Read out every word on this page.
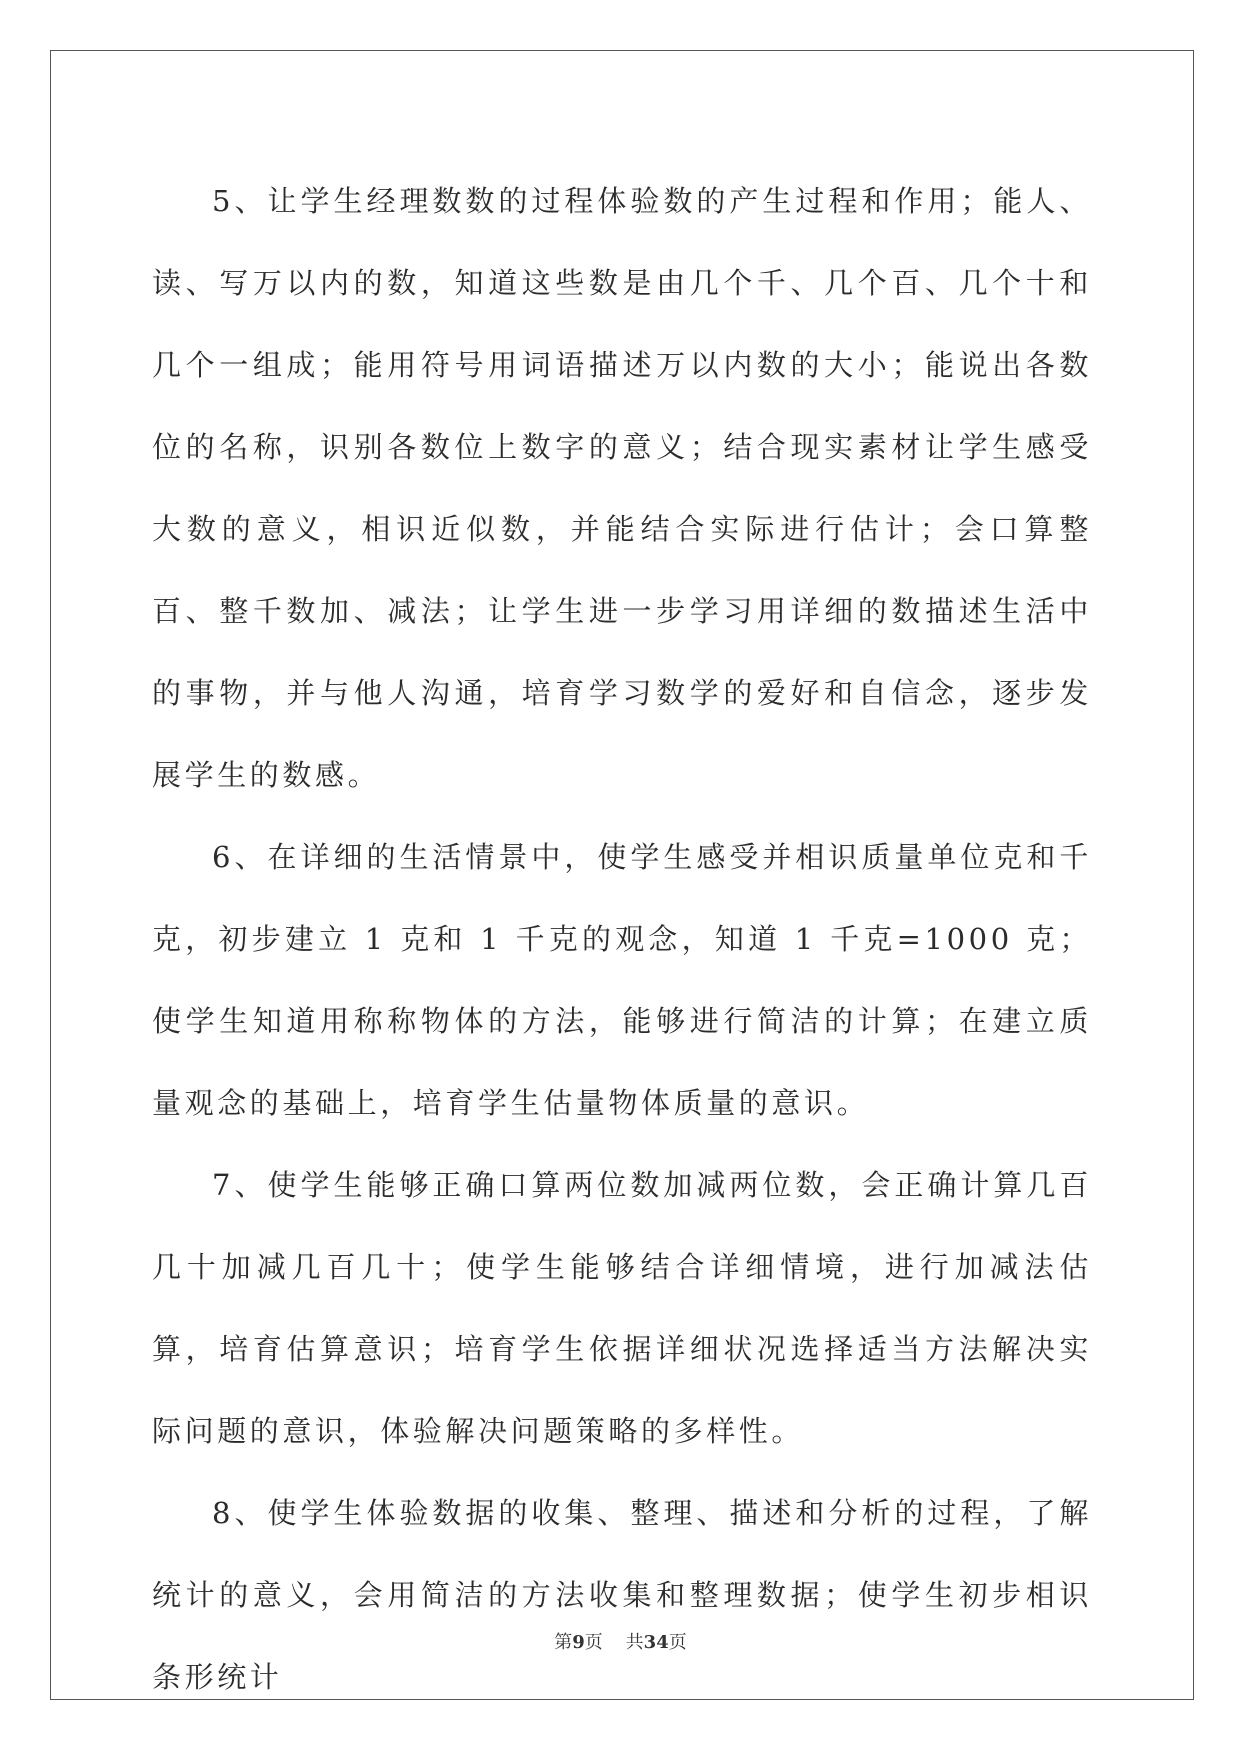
5、让学生经理数数的过程体验数的产生过程和作用；能人、读、写万以内的数，知道这些数是由几个千、几个百、几个十和几个一组成；能用符号用词语描述万以内数的大小；能说出各数位的名称，识别各数位上数字的意义；结合现实素材让学生感受大数的意义，相识近似数，并能结合实际进行估计；会口算整百、整千数加、减法；让学生进一步学习用详细的数描述生活中的事物，并与他人沟通，培育学习数学的爱好和自信念，逐步发展学生的数感。

6、在详细的生活情景中，使学生感受并相识质量单位克和千克，初步建立 1 克和 1 千克的观念，知道 1 千克=1000 克；使学生知道用称称物体的方法，能够进行简洁的计算；在建立质量观念的基础上，培育学生估量物体质量的意识。

7、使学生能够正确口算两位数加减两位数，会正确计算几百几十加减几百几十；使学生能够结合详细情境，进行加减法估算，培育估算意识；培育学生依据详细状况选择适当方法解决实际问题的意识，体验解决问题策略的多样性。

8、使学生体验数据的收集、整理、描述和分析的过程，了解统计的意义，会用简洁的方法收集和整理数据；使学生初步相识条形统计

第9页 共34页
